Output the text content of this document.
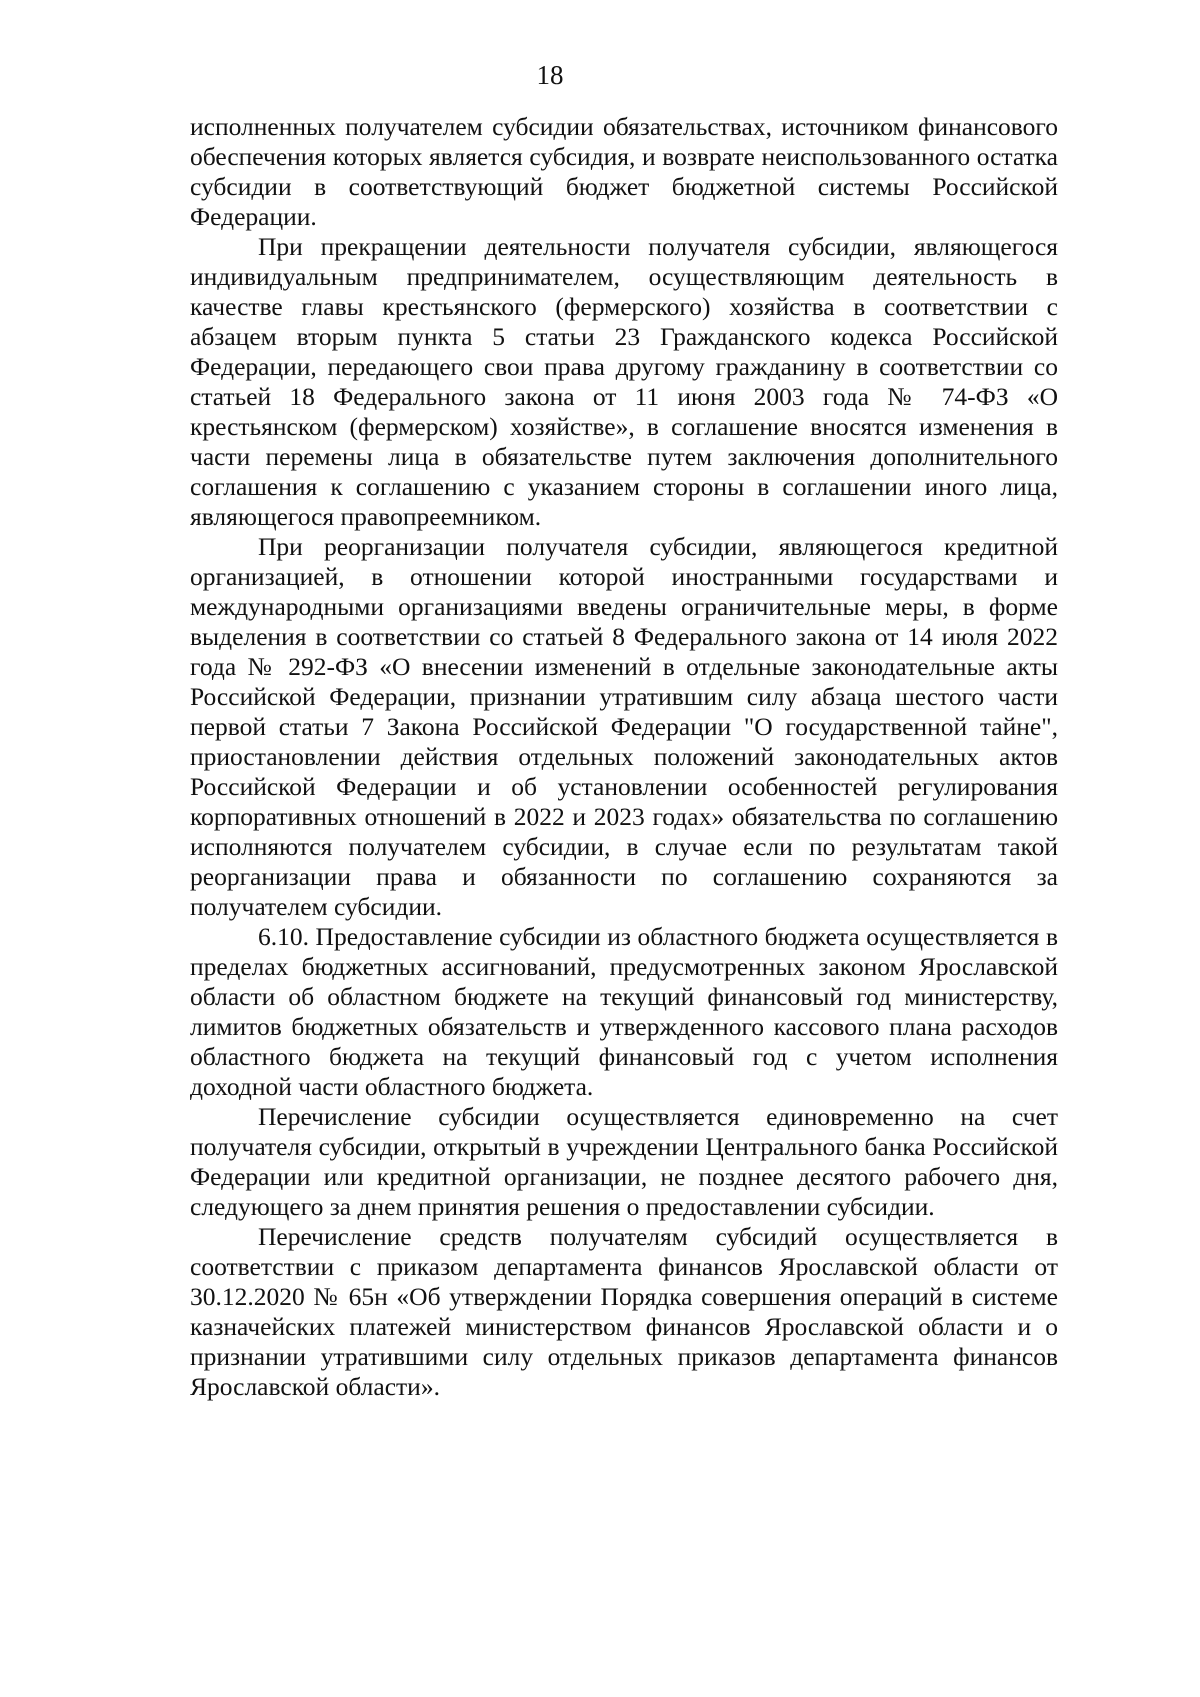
18

исполненных получателем субсидии обязательствах, источником финансового обеспечения которых является субсидия, и возврате неиспользованного остатка субсидии в соответствующий бюджет бюджетной системы Российской Федерации.

При прекращении деятельности получателя субсидии, являющегося индивидуальным предпринимателем, осуществляющим деятельность в качестве главы крестьянского (фермерского) хозяйства в соответствии с абзацем вторым пункта 5 статьи 23 Гражданского кодекса Российской Федерации, передающего свои права другому гражданину в соответствии со статьей 18 Федерального закона от 11 июня 2003 года № 74-ФЗ «О крестьянском (фермерском) хозяйстве», в соглашение вносятся изменения в части перемены лица в обязательстве путем заключения дополнительного соглашения к соглашению с указанием стороны в соглашении иного лица, являющегося правопреемником.

При реорганизации получателя субсидии, являющегося кредитной организацией, в отношении которой иностранными государствами и международными организациями введены ограничительные меры, в форме выделения в соответствии со статьей 8 Федерального закона от 14 июля 2022 года № 292-ФЗ «О внесении изменений в отдельные законодательные акты Российской Федерации, признании утратившим силу абзаца шестого части первой статьи 7 Закона Российской Федерации "О государственной тайне", приостановлении действия отдельных положений законодательных актов Российской Федерации и об установлении особенностей регулирования корпоративных отношений в 2022 и 2023 годах» обязательства по соглашению исполняются получателем субсидии, в случае если по результатам такой реорганизации права и обязанности по соглашению сохраняются за получателем субсидии.

6.10. Предоставление субсидии из областного бюджета осуществляется в пределах бюджетных ассигнований, предусмотренных законом Ярославской области об областном бюджете на текущий финансовый год министерству, лимитов бюджетных обязательств и утвержденного кассового плана расходов областного бюджета на текущий финансовый год с учетом исполнения доходной части областного бюджета.

Перечисление субсидии осуществляется единовременно на счет получателя субсидии, открытый в учреждении Центрального банка Российской Федерации или кредитной организации, не позднее десятого рабочего дня, следующего за днем принятия решения о предоставлении субсидии.

Перечисление средств получателям субсидий осуществляется в соответствии с приказом департамента финансов Ярославской области от 30.12.2020 № 65н «Об утверждении Порядка совершения операций в системе казначейских платежей министерством финансов Ярославской области и о признании утратившими силу отдельных приказов департамента финансов Ярославской области».
